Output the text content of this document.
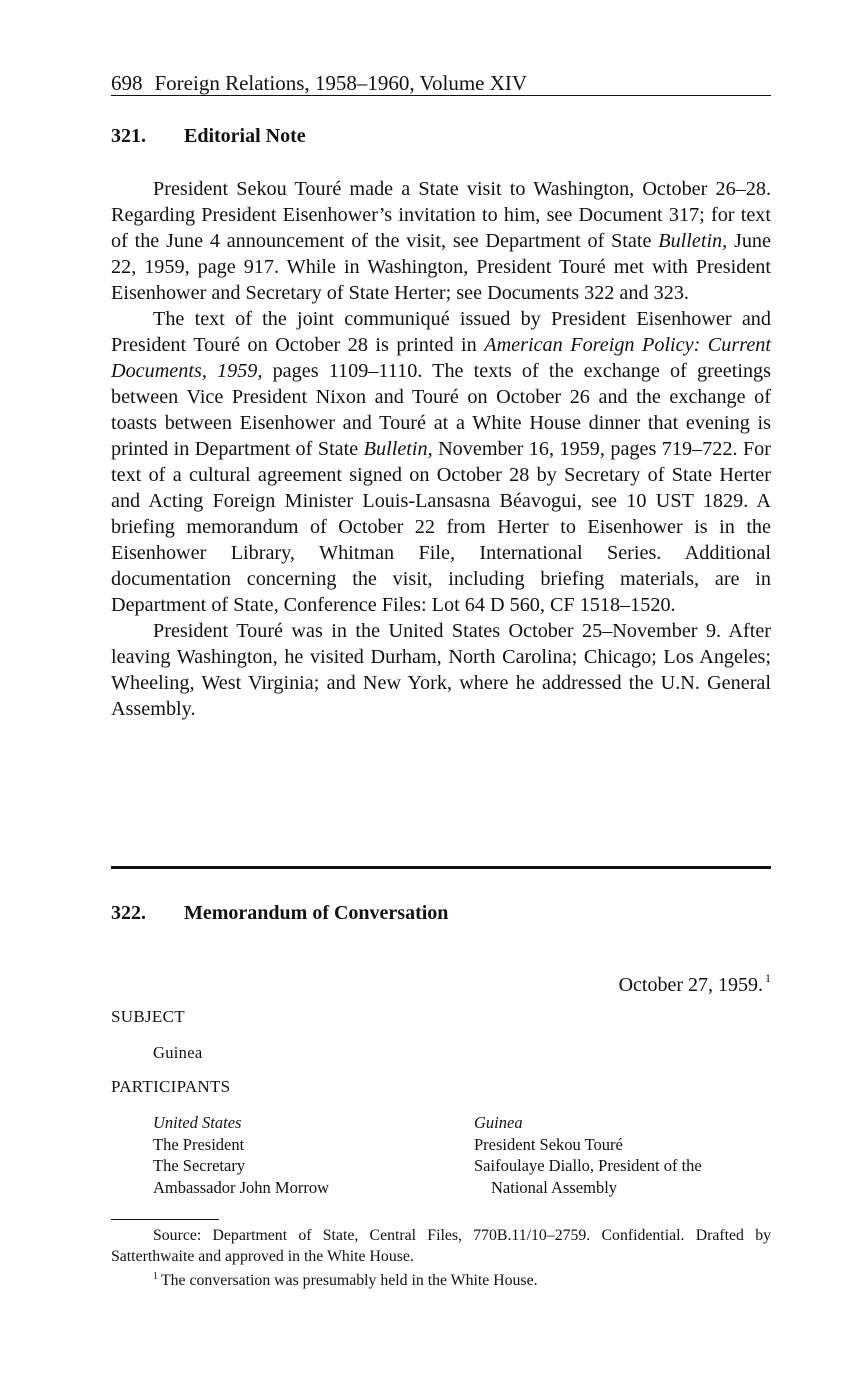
698 Foreign Relations, 1958–1960, Volume XIV
321. Editorial Note

President Sekou Touré made a State visit to Washington, October 26–28. Regarding President Eisenhower’s invitation to him, see Document 317; for text of the June 4 announcement of the visit, see Department of State Bulletin, June 22, 1959, page 917. While in Washington, President Touré met with President Eisenhower and Secretary of State Herter; see Documents 322 and 323.

The text of the joint communiqué issued by President Eisenhower and President Touré on October 28 is printed in American Foreign Policy: Current Documents, 1959, pages 1109–1110. The texts of the exchange of greetings between Vice President Nixon and Touré on October 26 and the exchange of toasts between Eisenhower and Touré at a White House dinner that evening is printed in Department of State Bulletin, November 16, 1959, pages 719–722. For text of a cultural agreement signed on October 28 by Secretary of State Herter and Acting Foreign Minister Louis-Lansasna Béavogui, see 10 UST 1829. A briefing memorandum of October 22 from Herter to Eisenhower is in the Eisenhower Library, Whitman File, International Series. Additional documentation concerning the visit, including briefing materials, are in Department of State, Conference Files: Lot 64 D 560, CF 1518–1520.

President Touré was in the United States October 25–November 9. After leaving Washington, he visited Durham, North Carolina; Chicago; Los Angeles; Wheeling, West Virginia; and New York, where he addressed the U.N. General Assembly.

322. Memorandum of Conversation
October 27, 1959. $^1$
SUBJECT
Guinea
PARTICIPANTS
United States
The President
The Secretary
Ambassador John Morrow
Guinea
President Sekou Touré
Saifoulaye Diallo, President of the
National Assembly

Source: Department of State, Central Files, 770B.11/10–2759. Confidential. Drafted by Satterthwaite and approved in the White House.

$^1$ The conversation was presumably held in the White House.
